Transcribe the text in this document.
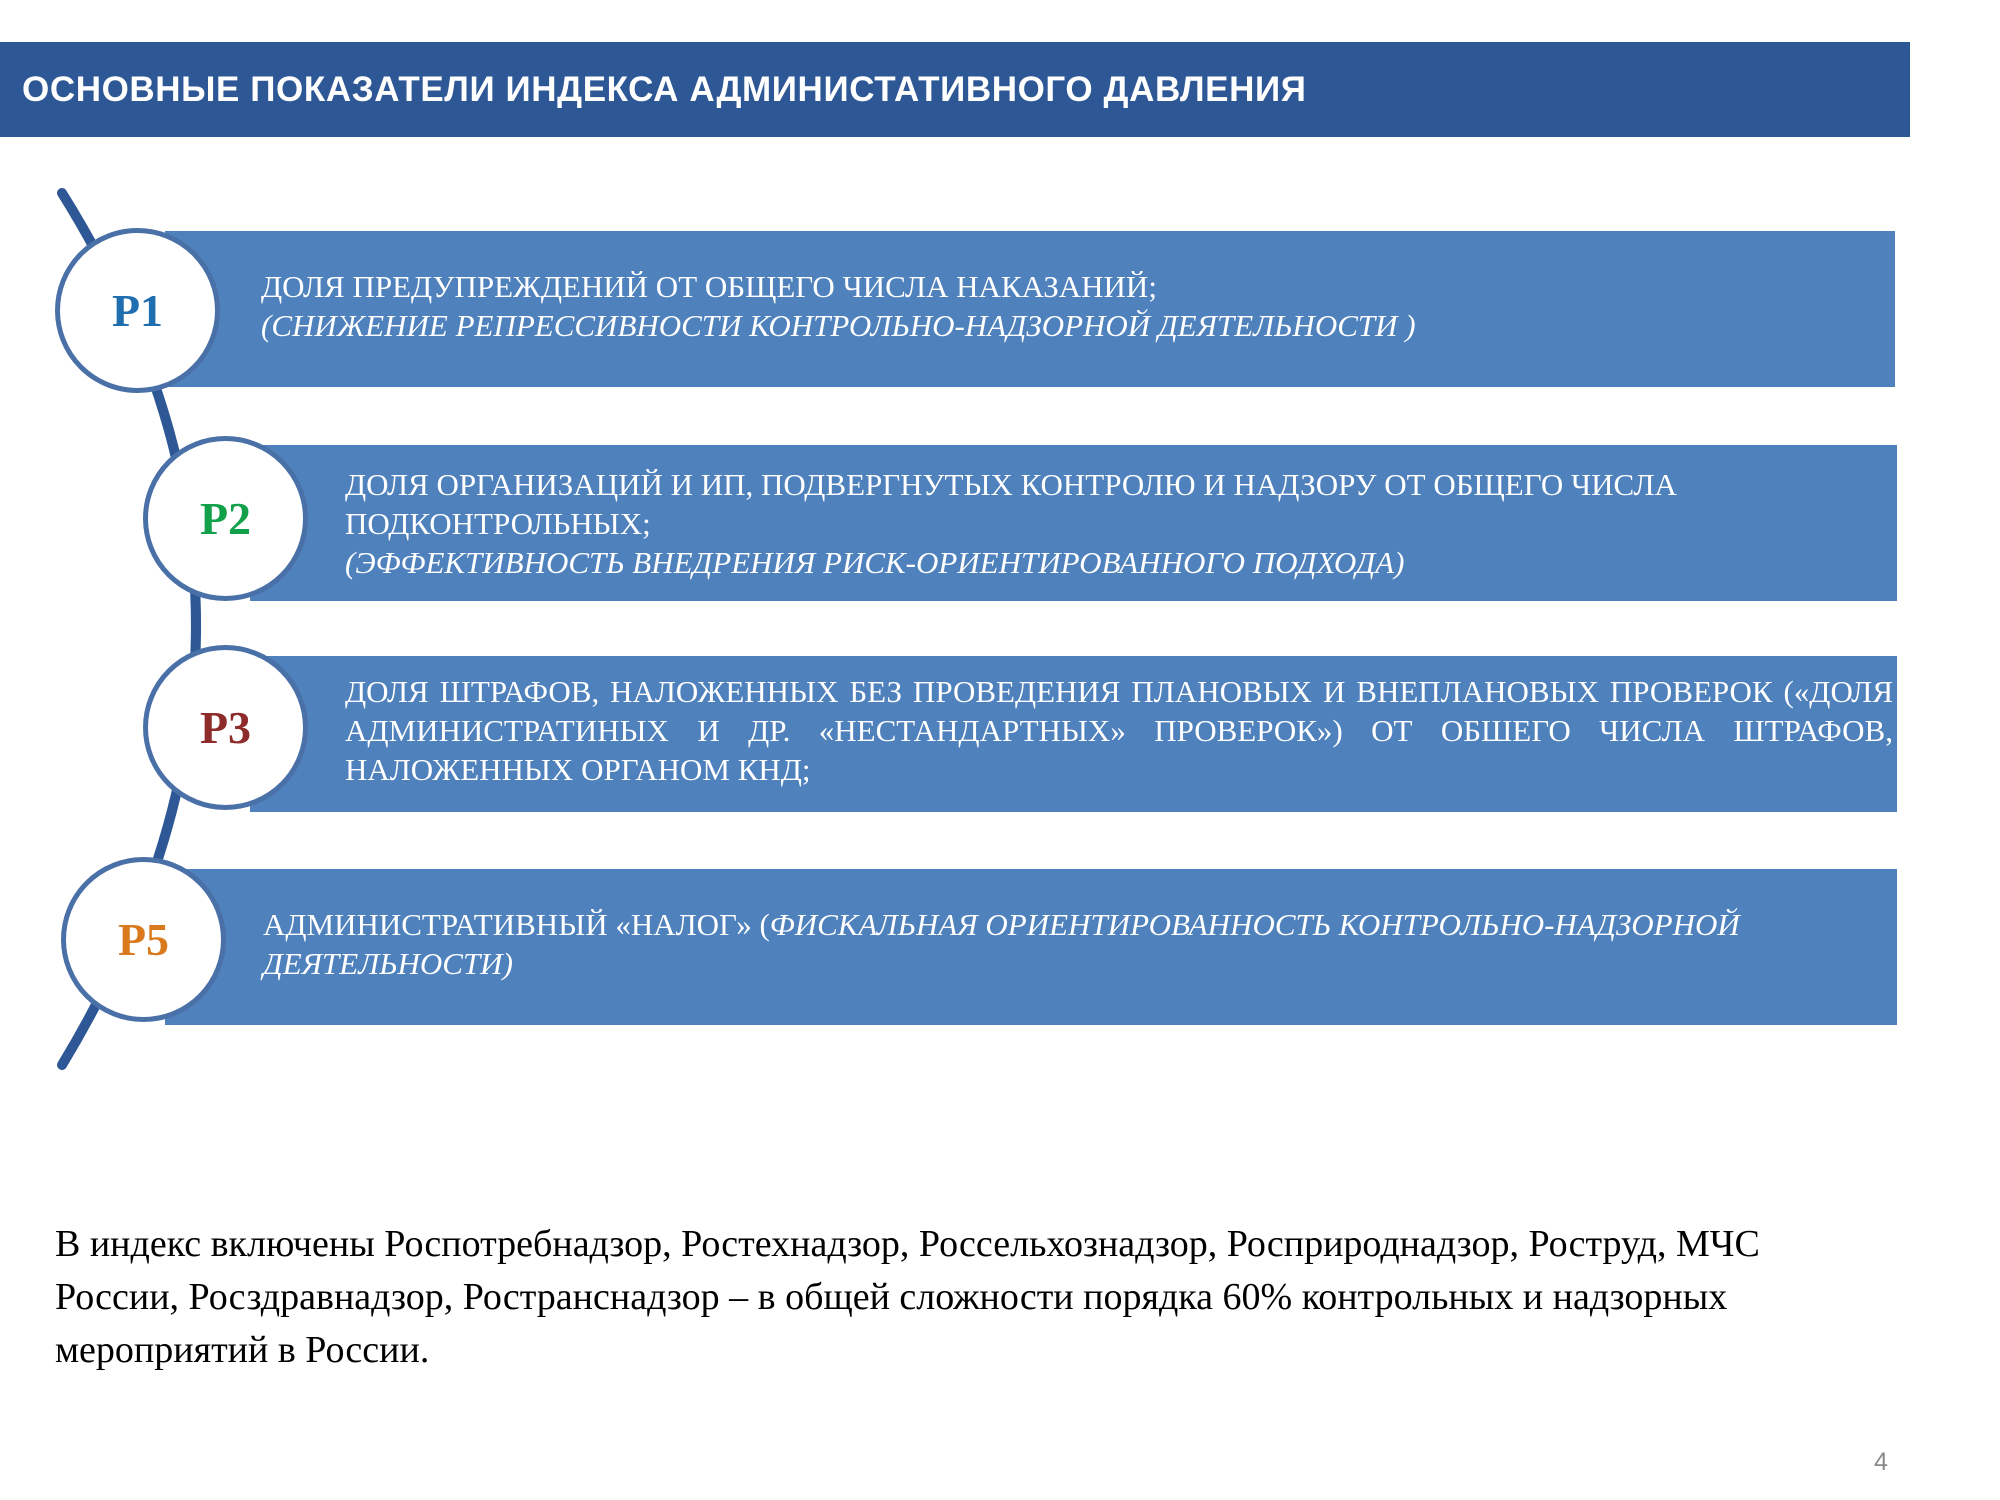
ОСНОВНЫЕ ПОКАЗАТЕЛИ ИНДЕКСА АДМИНИСТАТИВНОГО ДАВЛЕНИЯ
ДОЛЯ ПРЕДУПРЕЖДЕНИЙ ОТ ОБЩЕГО ЧИСЛА НАКАЗАНИЙ;
(СНИЖЕНИЕ РЕПРЕССИВНОСТИ КОНТРОЛЬНО-НАДЗОРНОЙ ДЕЯТЕЛЬНОСТИ )
ДОЛЯ ОРГАНИЗАЦИЙ И ИП, ПОДВЕРГНУТЫХ КОНТРОЛЮ И НАДЗОРУ ОТ ОБЩЕГО ЧИСЛА ПОДКОНТРОЛЬНЫХ;
(ЭФФЕКТИВНОСТЬ ВНЕДРЕНИЯ РИСК-ОРИЕНТИРОВАННОГО ПОДХОДА)
ДОЛЯ ШТРАФОВ, НАЛОЖЕННЫХ БЕЗ ПРОВЕДЕНИЯ ПЛАНОВЫХ И ВНЕПЛАНОВЫХ ПРОВЕРОК («ДОЛЯ АДМИНИСТРАТИНЫХ И ДР. «НЕСТАНДАРТНЫХ» ПРОВЕРОК») ОТ ОБШЕГО ЧИСЛА ШТРАФОВ, НАЛОЖЕННЫХ ОРГАНОМ КНД;
АДМИНИСТРАТИВНЫЙ «НАЛОГ» (ФИСКАЛЬНАЯ ОРИЕНТИРОВАННОСТЬ КОНТРОЛЬНО-НАДЗОРНОЙ ДЕЯТЕЛЬНОСТИ)
Р1
Р2
Р3
Р5
В индекс включены Роспотребнадзор, Ростехнадзор, Россельхознадзор, Росприроднадзор, Роструд, МЧС России, Росздравнадзор, Ространснадзор – в общей сложности порядка 60% контрольных и надзорных мероприятий в России.
4
